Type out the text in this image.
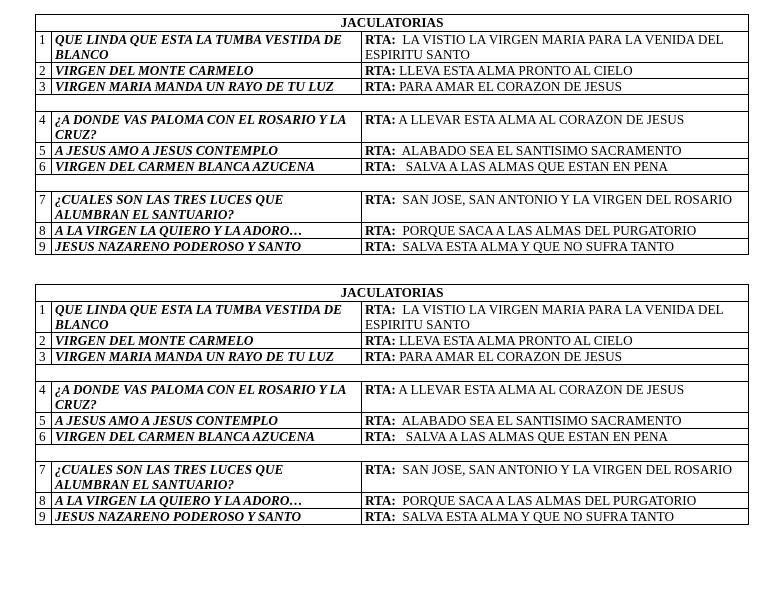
JACULATORIAS		
1	QUE LINDA QUE ESTA LA TUMBA VESTIDA DE BLANCO	RTA:  LA VISTIO LA VIRGEN MARIA PARA LA VENIDA DEL ESPIRITU SANTO
2	VIRGEN DEL MONTE CARMELO	RTA: LLEVA ESTA ALMA PRONTO AL CIELO
3	VIRGEN MARIA MANDA UN RAYO DE TU LUZ	RTA: PARA AMAR EL CORAZON DE JESUS

4	¿A DONDE VAS PALOMA CON EL ROSARIO Y LA CRUZ?	RTA: A LLEVAR ESTA ALMA AL CORAZON DE JESUS
5	A JESUS AMO A JESUS CONTEMPLO	RTA:  ALABADO SEA EL SANTISIMO SACRAMENTO
6	VIRGEN DEL CARMEN BLANCA AZUCENA	RTA:   SALVA A LAS ALMAS QUE ESTAN EN PENA

7	¿CUALES SON LAS TRES LUCES QUE ALUMBRAN EL SANTUARIO?	RTA:  SAN JOSE, SAN ANTONIO Y LA VIRGEN DEL ROSARIO
8	A LA VIRGEN LA QUIERO Y LA ADORO…	RTA:  PORQUE SACA A LAS ALMAS DEL PURGATORIO
9	JESUS NAZARENO PODEROSO Y SANTO	RTA:  SALVA ESTA ALMA Y QUE NO SUFRA TANTO
JACULATORIAS		
1	QUE LINDA QUE ESTA LA TUMBA VESTIDA DE BLANCO	RTA:  LA VISTIO LA VIRGEN MARIA PARA LA VENIDA DEL ESPIRITU SANTO
2	VIRGEN DEL MONTE CARMELO	RTA: LLEVA ESTA ALMA PRONTO AL CIELO
3	VIRGEN MARIA MANDA UN RAYO DE TU LUZ	RTA: PARA AMAR EL CORAZON DE JESUS

4	¿A DONDE VAS PALOMA CON EL ROSARIO Y LA CRUZ?	RTA: A LLEVAR ESTA ALMA AL CORAZON DE JESUS
5	A JESUS AMO A JESUS CONTEMPLO	RTA:  ALABADO SEA EL SANTISIMO SACRAMENTO
6	VIRGEN DEL CARMEN BLANCA AZUCENA	RTA:   SALVA A LAS ALMAS QUE ESTAN EN PENA

7	¿CUALES SON LAS TRES LUCES QUE ALUMBRAN EL SANTUARIO?	RTA:  SAN JOSE, SAN ANTONIO Y LA VIRGEN DEL ROSARIO
8	A LA VIRGEN LA QUIERO Y LA ADORO…	RTA:  PORQUE SACA A LAS ALMAS DEL PURGATORIO
9	JESUS NAZARENO PODEROSO Y SANTO	RTA:  SALVA ESTA ALMA Y QUE NO SUFRA TANTO
